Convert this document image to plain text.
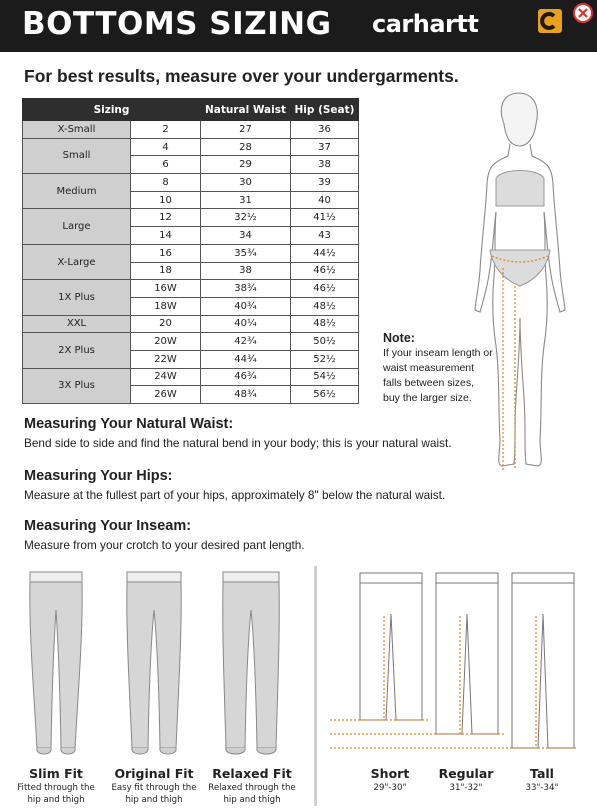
BOTTOMS SIZING carhartt
For best results, measure over your undergarments.
Sizing		Natural Waist	Hip (Seat)
X-Small	2	27	36
Small	4	28	37
	6	29	38
Medium	8	30	39
	10	31	40
Large	12	32½	41½
	14	34	43
X-Large	16	35¾	44½
	18	38	46½
1X Plus	16W	38¾	46½
	18W	40¾	48½
XXL	20	40¼	48½
2X Plus	20W	42¾	50½
	22W	44¾	52½
3X Plus	24W	46¾	54½
	26W	48¾	56½
Note:
If your inseam length or waist measurement falls between sizes, buy the larger size.
Measuring Your Natural Waist:

Bend side to side and find the natural bend in your body; this is your natural waist.

Measuring Your Hips:

Measure at the fullest part of your hips, approximately 8" below the natural waist.

Measuring Your Inseam:

Measure from your crotch to your desired pant length.

Slim Fit
Fitted through the
hip and thigh
Original Fit
Easy fit through the
hip and thigh
Relaxed Fit
Relaxed through the
hip and thigh
Short
29"-30"
Regular
31"-32"
Tall
33"-34"
